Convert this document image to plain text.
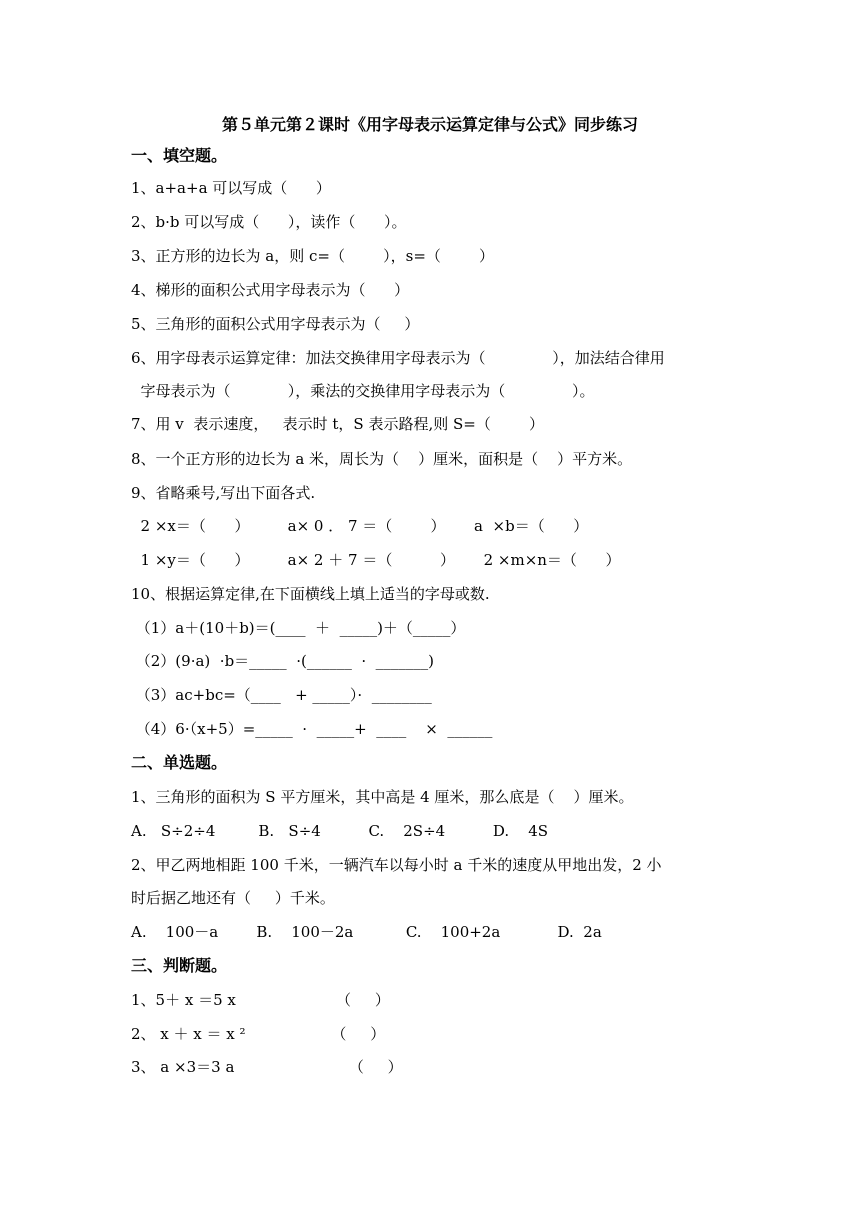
第５单元第２课时《用字母表示运算定律与公式》同步练习
一、填空题。
1、a+a+a 可以写成（      ）
2、b·b 可以写成（      ），读作（      ）。
3、正方形的边长为 a，则 c=（        ），s=（        ）
4、梯形的面积公式用字母表示为（      ）
5、三角形的面积公式用字母表示为（     ）
6、用字母表示运算定律：加法交换律用字母表示为（              ），加法结合律用
字母表示为（            ），乘法的交换律用字母表示为（              ）。
7、用 v  表示速度，   表示时 t，S 表示路程,则 S=（        ）
8、一个正方形的边长为 a 米，周长为（    ）厘米，面积是（    ）平方米。
9、省略乘号,写出下面各式.
2 ×x＝（      ）        a× 0 ． 7 ＝（        ）      a  ×b＝（      ）
1 ×y＝（      ）        a× 2 ＋ 7 ＝（          ）      2 ×m×n＝（      ）
10、根据运算定律,在下面横线上填上适当的字母或数.
（1）a＋(10＋b)＝(____  ＋  _____)＋（_____）
（2）(9·a)  ·b＝_____  ·(______  ·  _______)
（3）ac+bc=（____   + _____）·  ________
（4）6·（x+5）=_____  ·  _____+  ____    ×  ______
二、单选题。
1、三角形的面积为 S 平方厘米，其中高是 4 厘米，那么底是（    ）厘米。
A.   S÷2÷4         B.   S÷4          C.    2S÷4          D.    4S
2、甲乙两地相距 100 千米，一辆汽车以每小时 a 千米的速度从甲地出发，2 小
时后据乙地还有（     ）千米。
A.    100－a        B.    100－2a           C.    100+2a            D.  2a
三、判断题。
1、5＋ x ＝5 x                     （     ）
2、 x ＋ x ＝ x ²                  （     ）
3、 a ×3＝3 a                        （     ）
